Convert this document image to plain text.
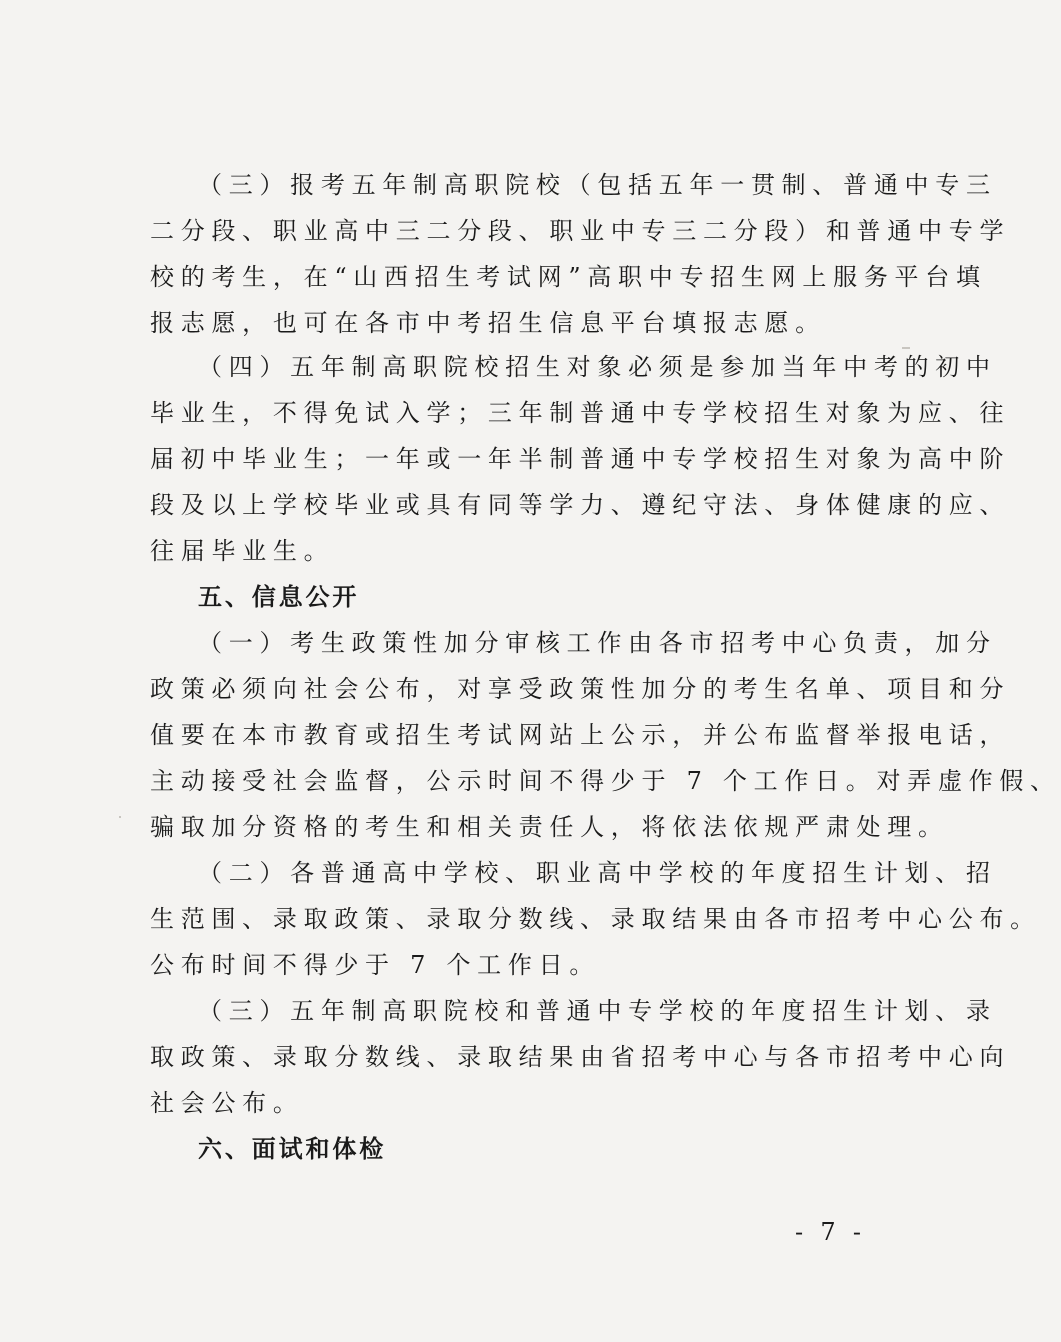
（三）报考五年制高职院校（包括五年一贯制、普通中专三
二分段、职业高中三二分段、职业中专三二分段）和普通中专学
校的考生，在“山西招生考试网”高职中专招生网上服务平台填
报志愿，也可在各市中考招生信息平台填报志愿。
（四）五年制高职院校招生对象必须是参加当年中考的初中
毕业生，不得免试入学；三年制普通中专学校招生对象为应、往
届初中毕业生；一年或一年半制普通中专学校招生对象为高中阶
段及以上学校毕业或具有同等学力、遵纪守法、身体健康的应、
往届毕业生。
五、信息公开
（一）考生政策性加分审核工作由各市招考中心负责，加分
政策必须向社会公布，对享受政策性加分的考生名单、项目和分
值要在本市教育或招生考试网站上公示，并公布监督举报电话，
主动接受社会监督，公示时间不得少于 7 个工作日。对弄虚作假、
骗取加分资格的考生和相关责任人，将依法依规严肃处理。
（二）各普通高中学校、职业高中学校的年度招生计划、招
生范围、录取政策、录取分数线、录取结果由各市招考中心公布。
公布时间不得少于 7 个工作日。
（三）五年制高职院校和普通中专学校的年度招生计划、录
取政策、录取分数线、录取结果由省招考中心与各市招考中心向
社会公布。
六、面试和体检
- 7 -
